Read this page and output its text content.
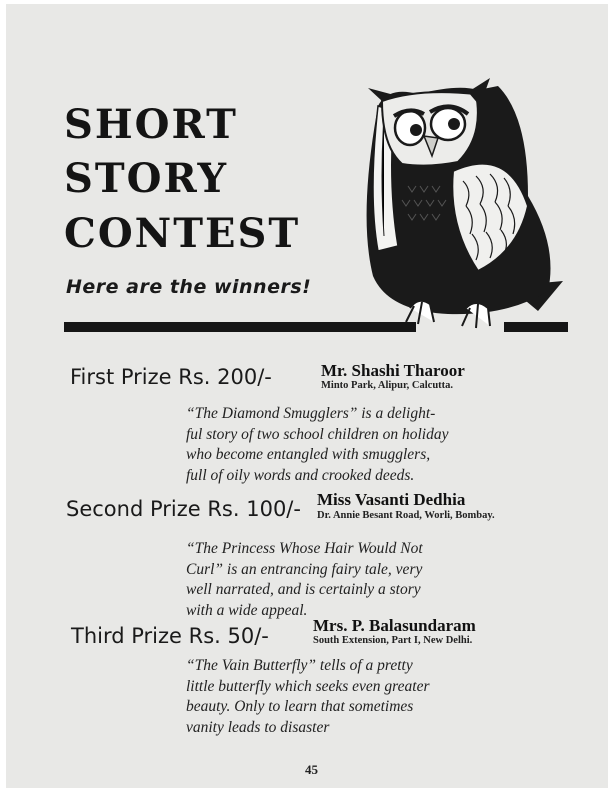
SHORT
STORY
CONTEST
Here are the winners!
First Prize Rs. 200/-	Mr. Shashi Tharoor
Minto Park, Alipur, Calcutta.
“The Diamond Smugglers” is a delight-
ful story of two school children on holiday
who become entangled with smugglers,
full of oily words and crooked deeds.
Second Prize Rs. 100/- Miss Vasanti Dedhia
Dr. Annie Besant Road, Worli, Bombay.
“The Princess Whose Hair Would Not
Curl” is an entrancing fairy tale, very
well narrated, and is certainly a story
with a wide appeal.
Third Prize Rs. 50/-	Mrs. P. Balasundaram
South Extension, Part I, New Delhi.
“The Vain Butterfly” tells of a pretty
little butterfly which seeks even greater
beauty. Only to learn that sometimes
vanity leads to disaster
45
